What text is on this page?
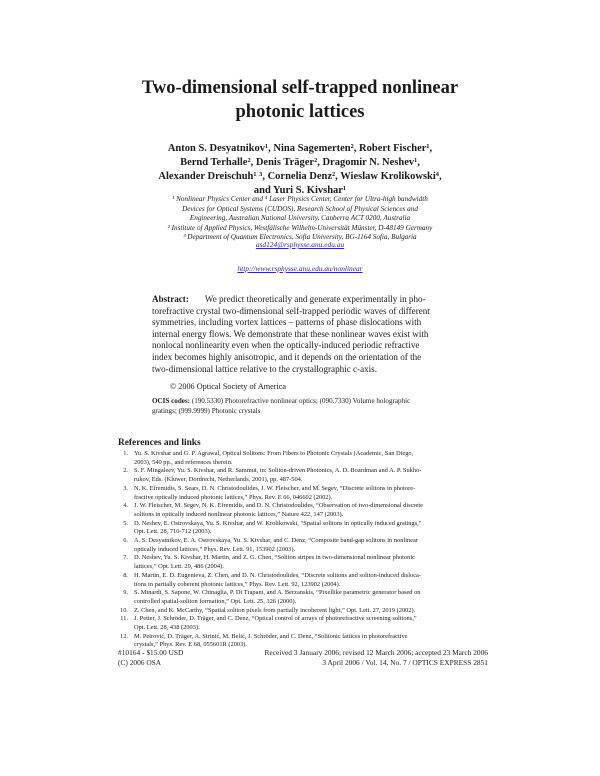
Two-dimensional self-trapped nonlinear
photonic lattices
Anton S. Desyatnikov¹, Nina Sagemerten², Robert Fischer¹,
Bernd Terhalle², Denis Träger², Dragomir N. Neshev¹,
Alexander Dreischuh¹ ³, Cornelia Denz², Wieslaw Krolikowski⁴,
and Yuri S. Kivshar¹
¹ Nonlinear Physics Center and ⁴ Laser Physics Center, Center for Ultra-high bandwidth
Devices for Optical Systems (CUDOS), Research School of Physical Sciences and
Engineering, Australian National University, Canberra ACT 0200, Australia
² Institute of Applied Physics, Westfälische Wilhelm-Universität Münster, D-48149 Germany
³ Department of Quantum Electronics, Sofia University, BG-1164 Sofia, Bulgaria
asd124@rsphysse.anu.edu.au
http://www.rsphysse.anu.edu.au/nonlinear
Abstract: We predict theoretically and generate experimentally in pho-
torefractive crystal two-dimensional self-trapped periodic waves of different
symmetries, including vortex lattices – patterns of phase dislocations with
internal energy flows. We demonstrate that these nonlinear waves exist with
nonlocal nonlinearity even when the optically-induced periodic refractive
index becomes highly anisotropic, and it depends on the orientation of the
two-dimensional lattice relative to the crystallographic c-axis.
© 2006 Optical Society of America
OCIS codes: (190.5330) Photorefractive nonlinear optics; (090.7330) Volume holographic
gratings; (999.9999) Photonic crystals
References and links
1. Yu. S. Kivshar and G. P. Agrawal, Optical Solitons: From Fibers to Photonic Crystals (Academic, San Diego,
2003), 540 pp., and references therein.
2. S. F. Mingaleev, Yu. S. Kivshar, and R. Sammut, in: Soliton-driven Photonics, A. D. Boardman and A. P. Sukho-
rukov, Eds. (Kluwer, Dordrecht, Netherlands, 2001), pp. 487-504.
3. N. K. Efremidis, S. Sears, D. N. Christodoulides, J. W. Fleischer, and M. Segev, “Discrete solitons in photore-
fractive optically induced photonic lattices,” Phys. Rev. E 66, 046602 (2002).
4. J. W. Fleischer, M. Segev, N. K. Efremidis, and D. N. Christodoulides, “Observation of two-dimensional discrete
solitons in optically induced nonlinear photonic lattices,” Nature 422, 147 (2003).
5. D. Neshev, E. Ostrovskaya, Yu. S. Kivshar, and W. Krolikowski, “Spatial solitons in optically induced gratings,”
Opt. Lett. 28, 710-712 (2003).
6. A. S. Desyatnikov, E. A. Ostrovskaya, Yu. S. Kivshar, and C. Denz, “Composite band-gap solitons in nonlinear
optically induced lattices,” Phys. Rev. Lett. 91, 153902 (2003).
7. D. Neshev, Yu. S. Kivshar, H. Martin, and Z. G. Chen, “Soliton stripes in two-dimensional nonlinear photonic
lattices,” Opt. Lett. 29, 486 (2004).
8. H. Martin, E. D. Eugenieva, Z. Chen, and D. N. Christodoulides, “Discrete solitons and soliton-induced disloca-
tions in partially coherent photonic lattices,” Phys. Rev. Lett. 92, 123902 (2004).
9. S. Minardi, S. Sapone, W. Chinaglia, P. Di Trapani, and A. Berzanskis, “Pixellike parametric generator based on
controlled spatial-soliton formation,” Opt. Lett. 25, 326 (2000).
10. Z. Chen, and K. McCarthy, “Spatial soliton pixels from partially incoherent light,” Opt. Lett. 27, 2019 (2002).
11. J. Petter, J. Schröder, D. Träger, and C. Denz, “Optical control of arrays of photorefractive screening solitons,”
Opt. Lett. 28, 438 (2003).
12. M. Petrović, D. Träger, A. Strinić, M. Belić, J. Schröder, and C. Denz, “Solitonic lattices in photorefractive
crystals,” Phys. Rev. E 68, 055601R (2003).
#10164 - $15.00 USD
(C) 2006 OSA
Received 3 January 2006; revised 12 March 2006; accepted 23 March 2006
3 April 2006 / Vol. 14, No. 7 / OPTICS EXPRESS 2851
